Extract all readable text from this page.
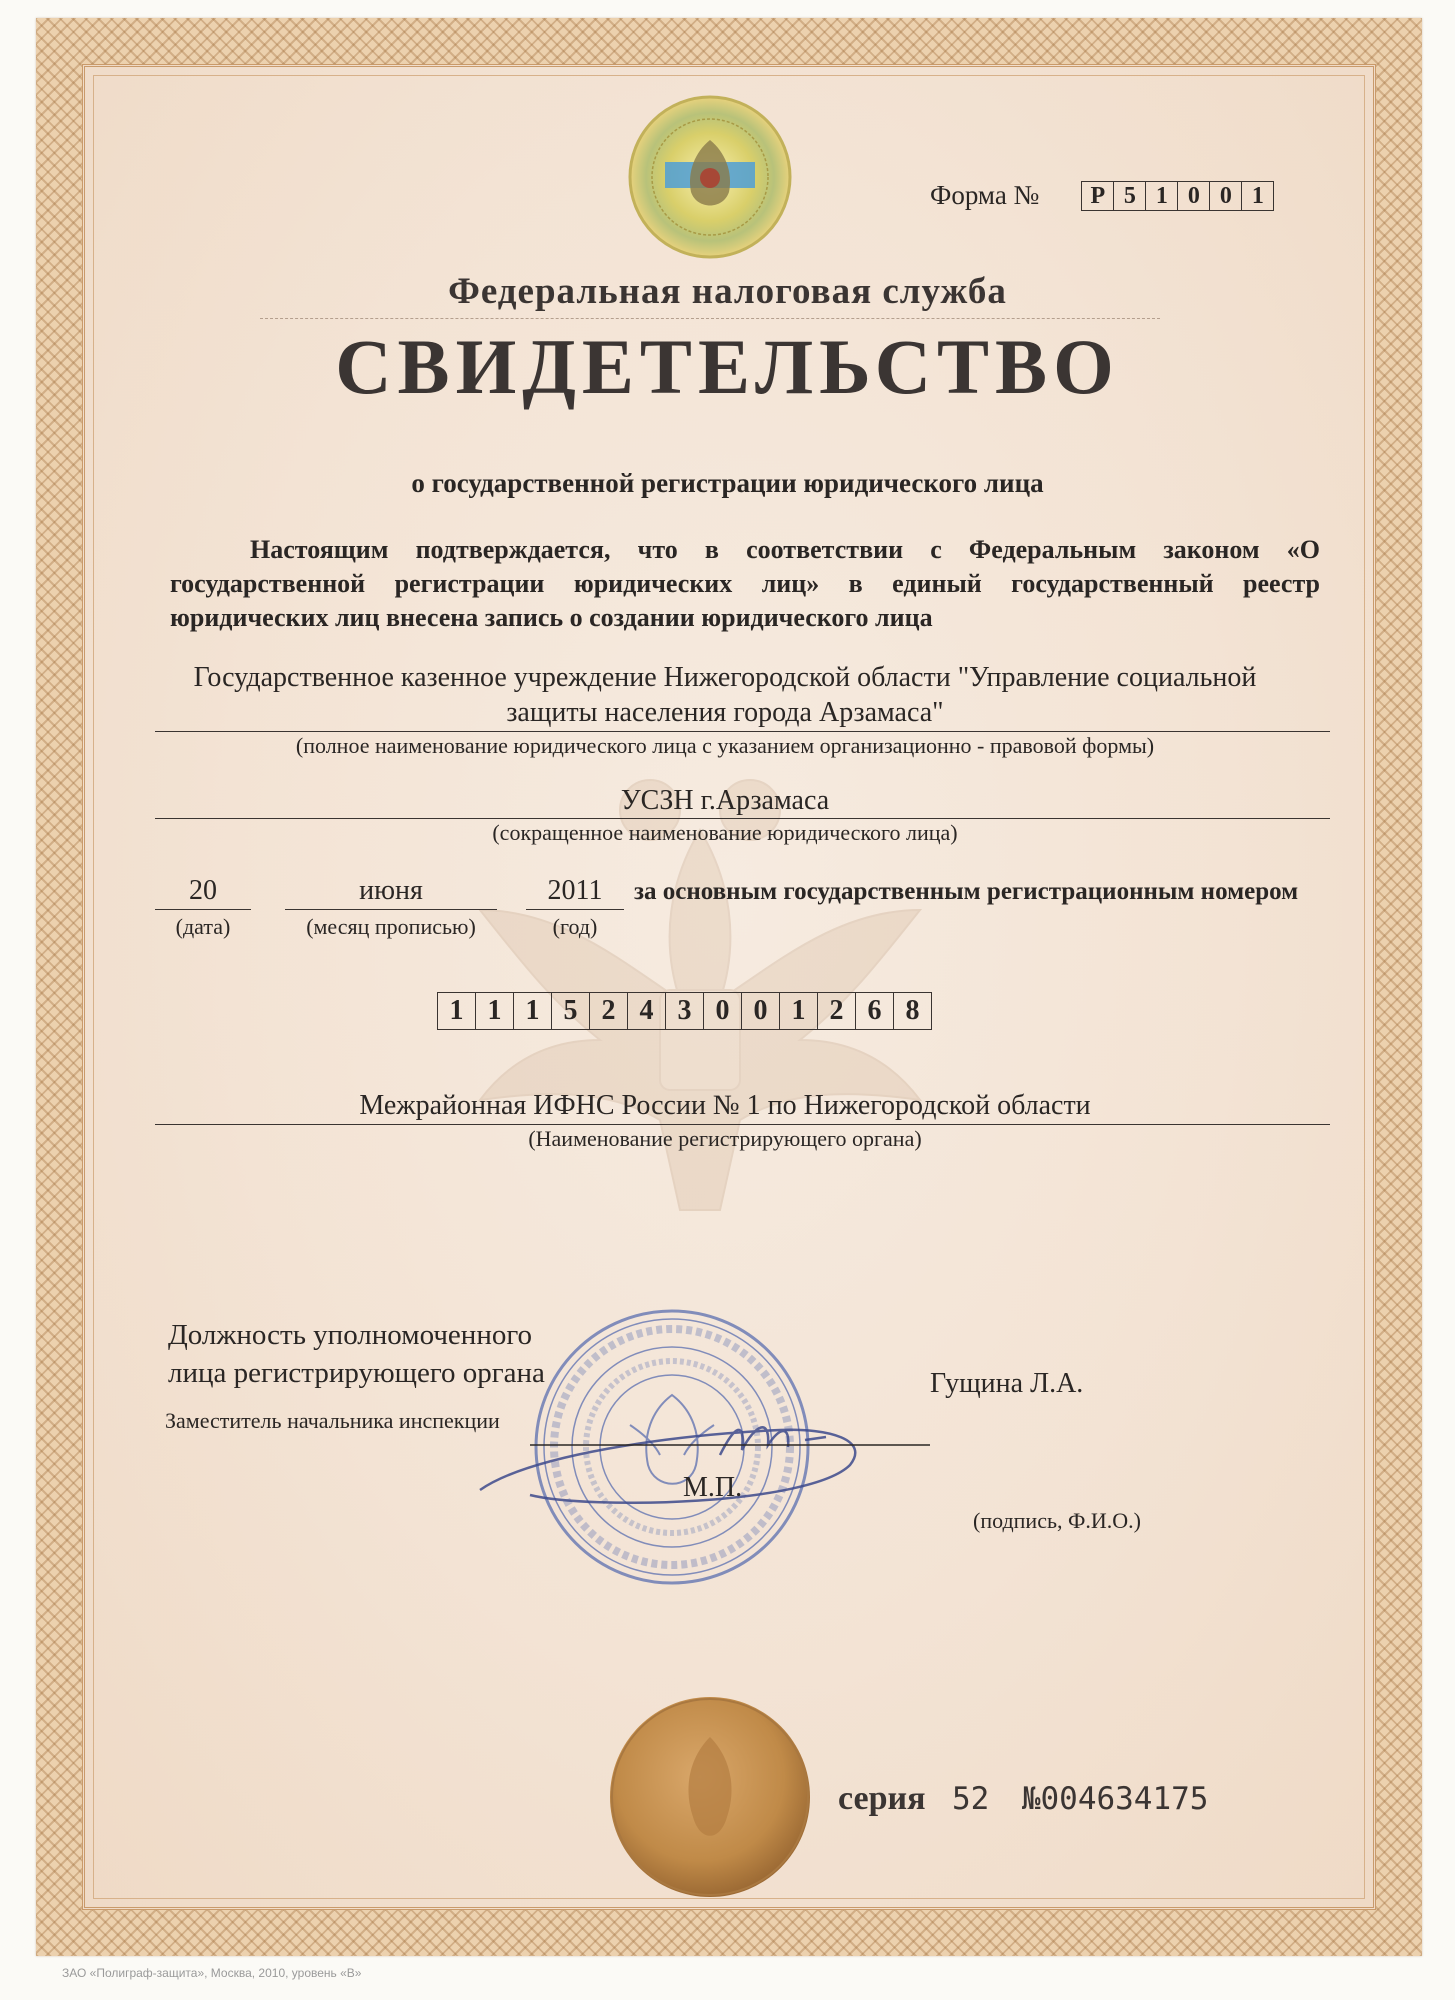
Форма №	Р 5 1 0 0 1
Федеральная налоговая служба
СВИДЕТЕЛЬСТВО
о государственной регистрации юридического лица
Настоящим подтверждается, что в соответствии с Федеральным законом «О государственной регистрации юридических лиц» в единый государственный реестр юридических лиц внесена запись о создании юридического лица
Государственное казенное учреждение Нижегородской области "Управление социальной
защиты населения города Арзамаса"
(полное наименование юридического лица с указанием организационно - правовой формы)
УСЗН г.Арзамаса
(сокращенное наименование юридического лица)
20
(дата)
июня
(месяц прописью)
2011
(год)
за основным государственным регистрационным номером
1 1 1 5 2 4 3 0 0 1 2 6 8
Межрайонная ИФНС России № 1 по Нижегородской области
(Наименование регистрирующего органа)
Должность уполномоченного
лица регистрирующего органа
Заместитель начальника инспекции
Гущина Л.А.
М.П.
(подпись, Ф.И.О.)
серия 52 №004634175
ЗАО «Полиграф-защита», Москва, 2010, уровень «В»
